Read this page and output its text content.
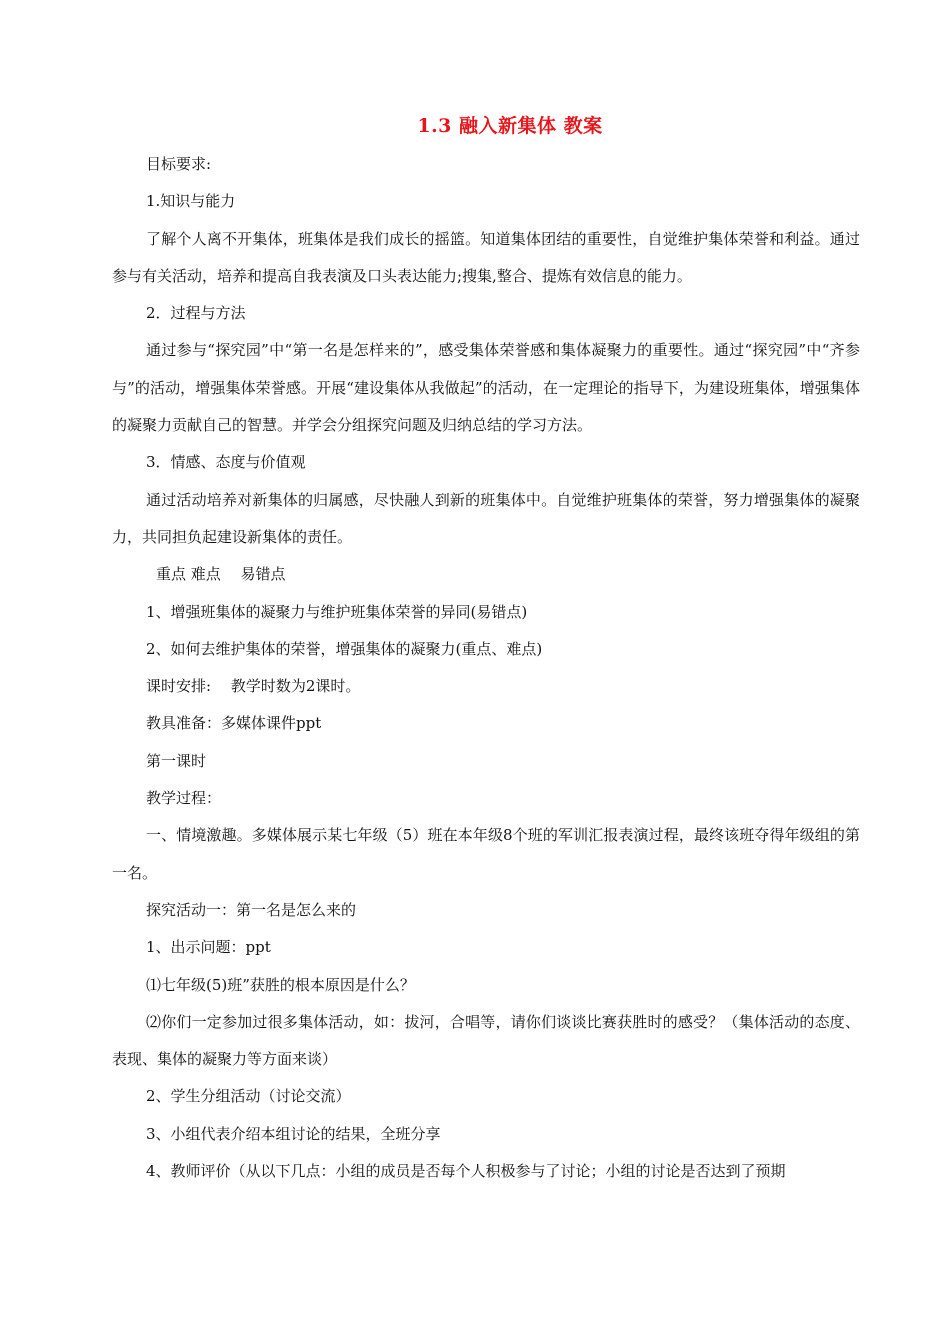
1.3 融入新集体 教案

目标要求:

1.知识与能力

了解个人离不开集体，班集体是我们成长的摇篮。知道集体团结的重要性，自觉维护集体荣誉和利益。通过参与有关活动，培养和提高自我表演及口头表达能力;搜集,整合、提炼有效信息的能力。

2．过程与方法

通过参与“探究园”中“第一名是怎样来的”，感受集体荣誉感和集体凝聚力的重要性。通过“探究园”中“齐参与”的活动，增强集体荣誉感。开展“建设集体从我做起”的活动，在一定理论的指导下，为建设班集体，增强集体的凝聚力贡献自己的智慧。并学会分组探究问题及归纳总结的学习方法。

3．情感、态度与价值观

通过活动培养对新集体的归属感，尽快融人到新的班集体中。自觉维护班集体的荣誉，努力增强集体的凝聚力，共同担负起建设新集体的责任。

重点 难点　 易错点

1、增强班集体的凝聚力与维护班集体荣誉的异同(易错点)

2、如何去维护集体的荣誉，增强集体的凝聚力(重点、难点)

课时安排:　 教学时数为2课时。

教具准备：多媒体课件ppt

第一课时

教学过程：

一、情境激趣。多媒体展示某七年级（5）班在本年级8个班的军训汇报表演过程，最终该班夺得年级组的第一名。

探究活动一：第一名是怎么来的

1、出示问题：ppt

⑴七年级(5)班”获胜的根本原因是什么？

⑵你们一定参加过很多集体活动，如：拔河，合唱等，请你们谈谈比赛获胜时的感受？（集体活动的态度、表现、集体的凝聚力等方面来谈）

2、学生分组活动（讨论交流）

3、小组代表介绍本组讨论的结果，全班分享

4、教师评价（从以下几点：小组的成员是否每个人积极参与了讨论；小组的讨论是否达到了预期
